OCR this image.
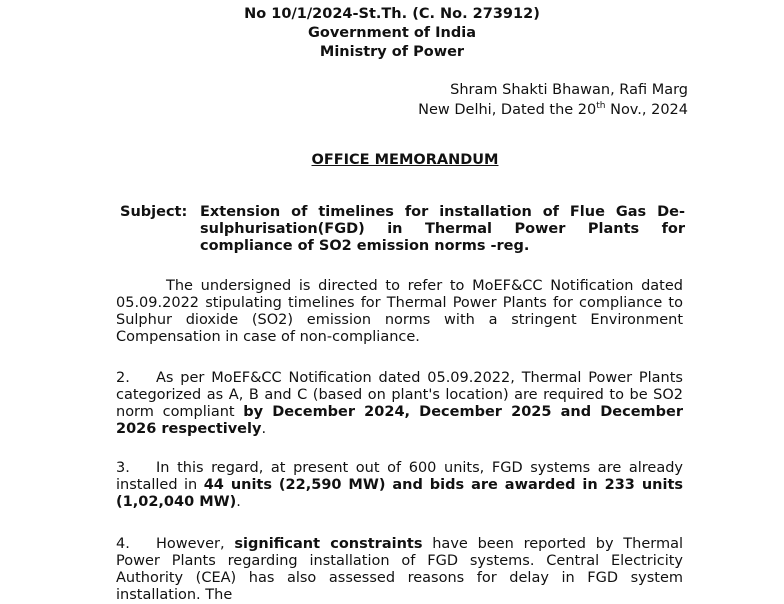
No 10/1/2024-St.Th. (C. No. 273912)
Government of India
Ministry of Power
Shram Shakti Bhawan, Rafi Marg
New Delhi, Dated the 20th Nov., 2024
OFFICE MEMORANDUM
Subject: Extension of timelines for installation of Flue Gas De-sulphurisation(FGD) in Thermal Power Plants for compliance of SO2 emission norms -reg.
The undersigned is directed to refer to MoEF&CC Notification dated 05.09.2022 stipulating timelines for Thermal Power Plants for compliance to Sulphur dioxide (SO2) emission norms with a stringent Environment Compensation in case of non-compliance.
2. As per MoEF&CC Notification dated 05.09.2022, Thermal Power Plants categorized as A, B and C (based on plant's location) are required to be SO2 norm compliant by December 2024, December 2025 and December 2026 respectively.
3. In this regard, at present out of 600 units, FGD systems are already installed in 44 units (22,590 MW) and bids are awarded in 233 units (1,02,040 MW).
4. However, significant constraints have been reported by Thermal Power Plants regarding installation of FGD systems. Central Electricity Authority (CEA) has also assessed reasons for delay in FGD system installation. The
